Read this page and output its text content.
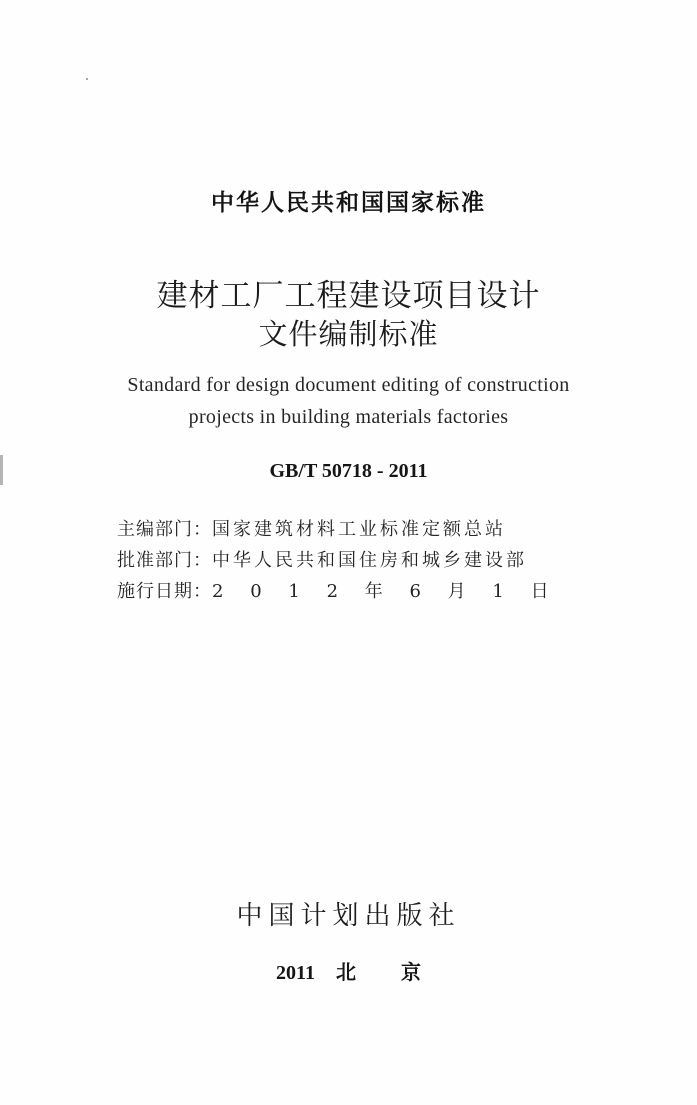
中华人民共和国国家标准
建材工厂工程建设项目设计
文件编制标准
Standard for design document editing of construction
projects in building materials factories
GB/T 50718 - 2011
主编部门： 国家建筑材料工业标准定额总站
批准部门： 中华人民共和国住房和城乡建设部
施行日期： 2 0 1 2 年 6 月 1 日
中国计划出版社
2011 北 京
